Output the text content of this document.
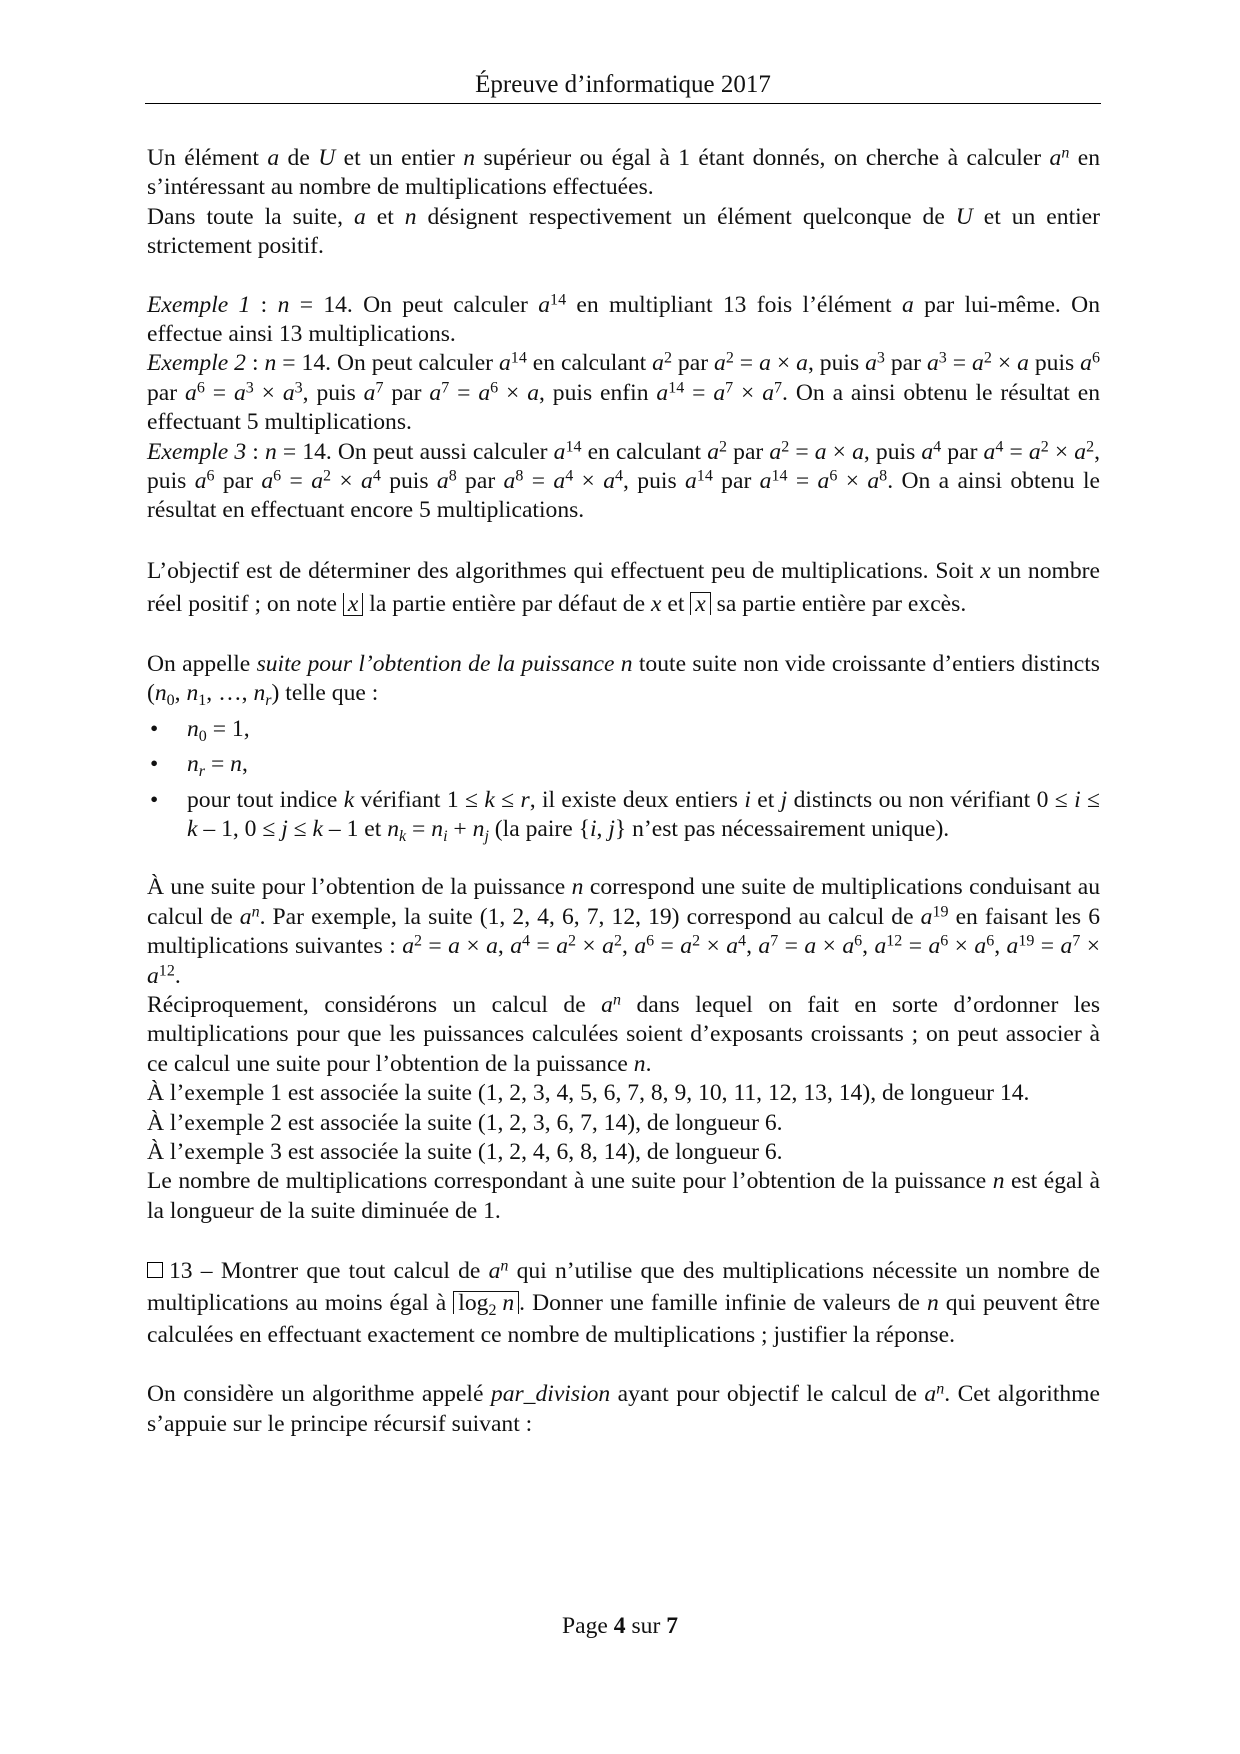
Épreuve d’informatique 2017

Un élément a de U et un entier n supérieur ou égal à 1 étant donnés, on cherche à calculer $a^n$ en s’intéressant au nombre de multiplications effectuées.

Dans toute la suite, a et n désignent respectivement un élément quelconque de U et un entier strictement positif.

Exemple 1 : n = 14. On peut calculer $a^{14}$ en multipliant 13 fois l’élément a par lui-même. On effectue ainsi 13 multiplications.

Exemple 2 : n = 14. On peut calculer $a^{14}$ en calculant $a^2$ par $a^2 = a \times a$, puis $a^3$ par $a^3 = a^2 \times a$ puis $a^6$ par $a^6 = a^3 \times a^3$, puis $a^7$ par $a^7 = a^6 \times a$, puis enfin $a^{14} = a^7 \times a^7$. On a ainsi obtenu le résultat en effectuant 5 multiplications.

Exemple 3 : n = 14. On peut aussi calculer $a^{14}$ en calculant $a^2$ par $a^2 = a \times a$, puis $a^4$ par $a^4 = a^2 \times a^2$, puis $a^6$ par $a^6 = a^2 \times a^4$ puis $a^8$ par $a^8 = a^4 \times a^4$, puis $a^{14}$ par $a^{14} = a^6 \times a^8$. On a ainsi obtenu le résultat en effectuant encore 5 multiplications.

L’objectif est de déterminer des algorithmes qui effectuent peu de multiplications. Soit x un nombre réel positif ; on note x la partie entière par défaut de x et x sa partie entière par excès.

On appelle suite pour l’obtention de la puissance n toute suite non vide croissante d’entiers distincts ($n_0$, $n_1$, …, $n_r$) telle que :

• $n_0 = 1$,
• $n_r = n$,
• pour tout indice k vérifiant 1 ≤ k ≤ r, il existe deux entiers i et j distincts ou non vérifiant 0 ≤ i ≤ k – 1, 0 ≤ j ≤ k – 1 et $n_k = n_i + n_j$ (la paire {i, j} n’est pas nécessairement unique).

À une suite pour l’obtention de la puissance n correspond une suite de multiplications conduisant au calcul de $a^n$. Par exemple, la suite (1, 2, 4, 6, 7, 12, 19) correspond au calcul de $a^{19}$ en faisant les 6 multiplications suivantes : $a^2 = a \times a$, $a^4 = a^2 \times a^2$, $a^6 = a^2 \times a^4$, $a^7 = a \times a^6$, $a^{12} = a^6 \times a^6$, $a^{19} = a^7 \times a^{12}$.

Réciproquement, considérons un calcul de $a^n$ dans lequel on fait en sorte d’ordonner les multiplications pour que les puissances calculées soient d’exposants croissants ; on peut associer à ce calcul une suite pour l’obtention de la puissance n.

À l’exemple 1 est associée la suite (1, 2, 3, 4, 5, 6, 7, 8, 9, 10, 11, 12, 13, 14), de longueur 14.

À l’exemple 2 est associée la suite (1, 2, 3, 6, 7, 14), de longueur 6.

À l’exemple 3 est associée la suite (1, 2, 4, 6, 8, 14), de longueur 6.

Le nombre de multiplications correspondant à une suite pour l’obtention de la puissance n est égal à la longueur de la suite diminuée de 1.

13 – Montrer que tout calcul de $a^n$ qui n’utilise que des multiplications nécessite un nombre de multiplications au moins égal à $\log_2 n$ . Donner une famille infinie de valeurs de n qui peuvent être calculées en effectuant exactement ce nombre de multiplications ; justifier la réponse.

On considère un algorithme appelé par_division ayant pour objectif le calcul de $a^n$. Cet algorithme s’appuie sur le principe récursif suivant :

Page 4 sur 7
